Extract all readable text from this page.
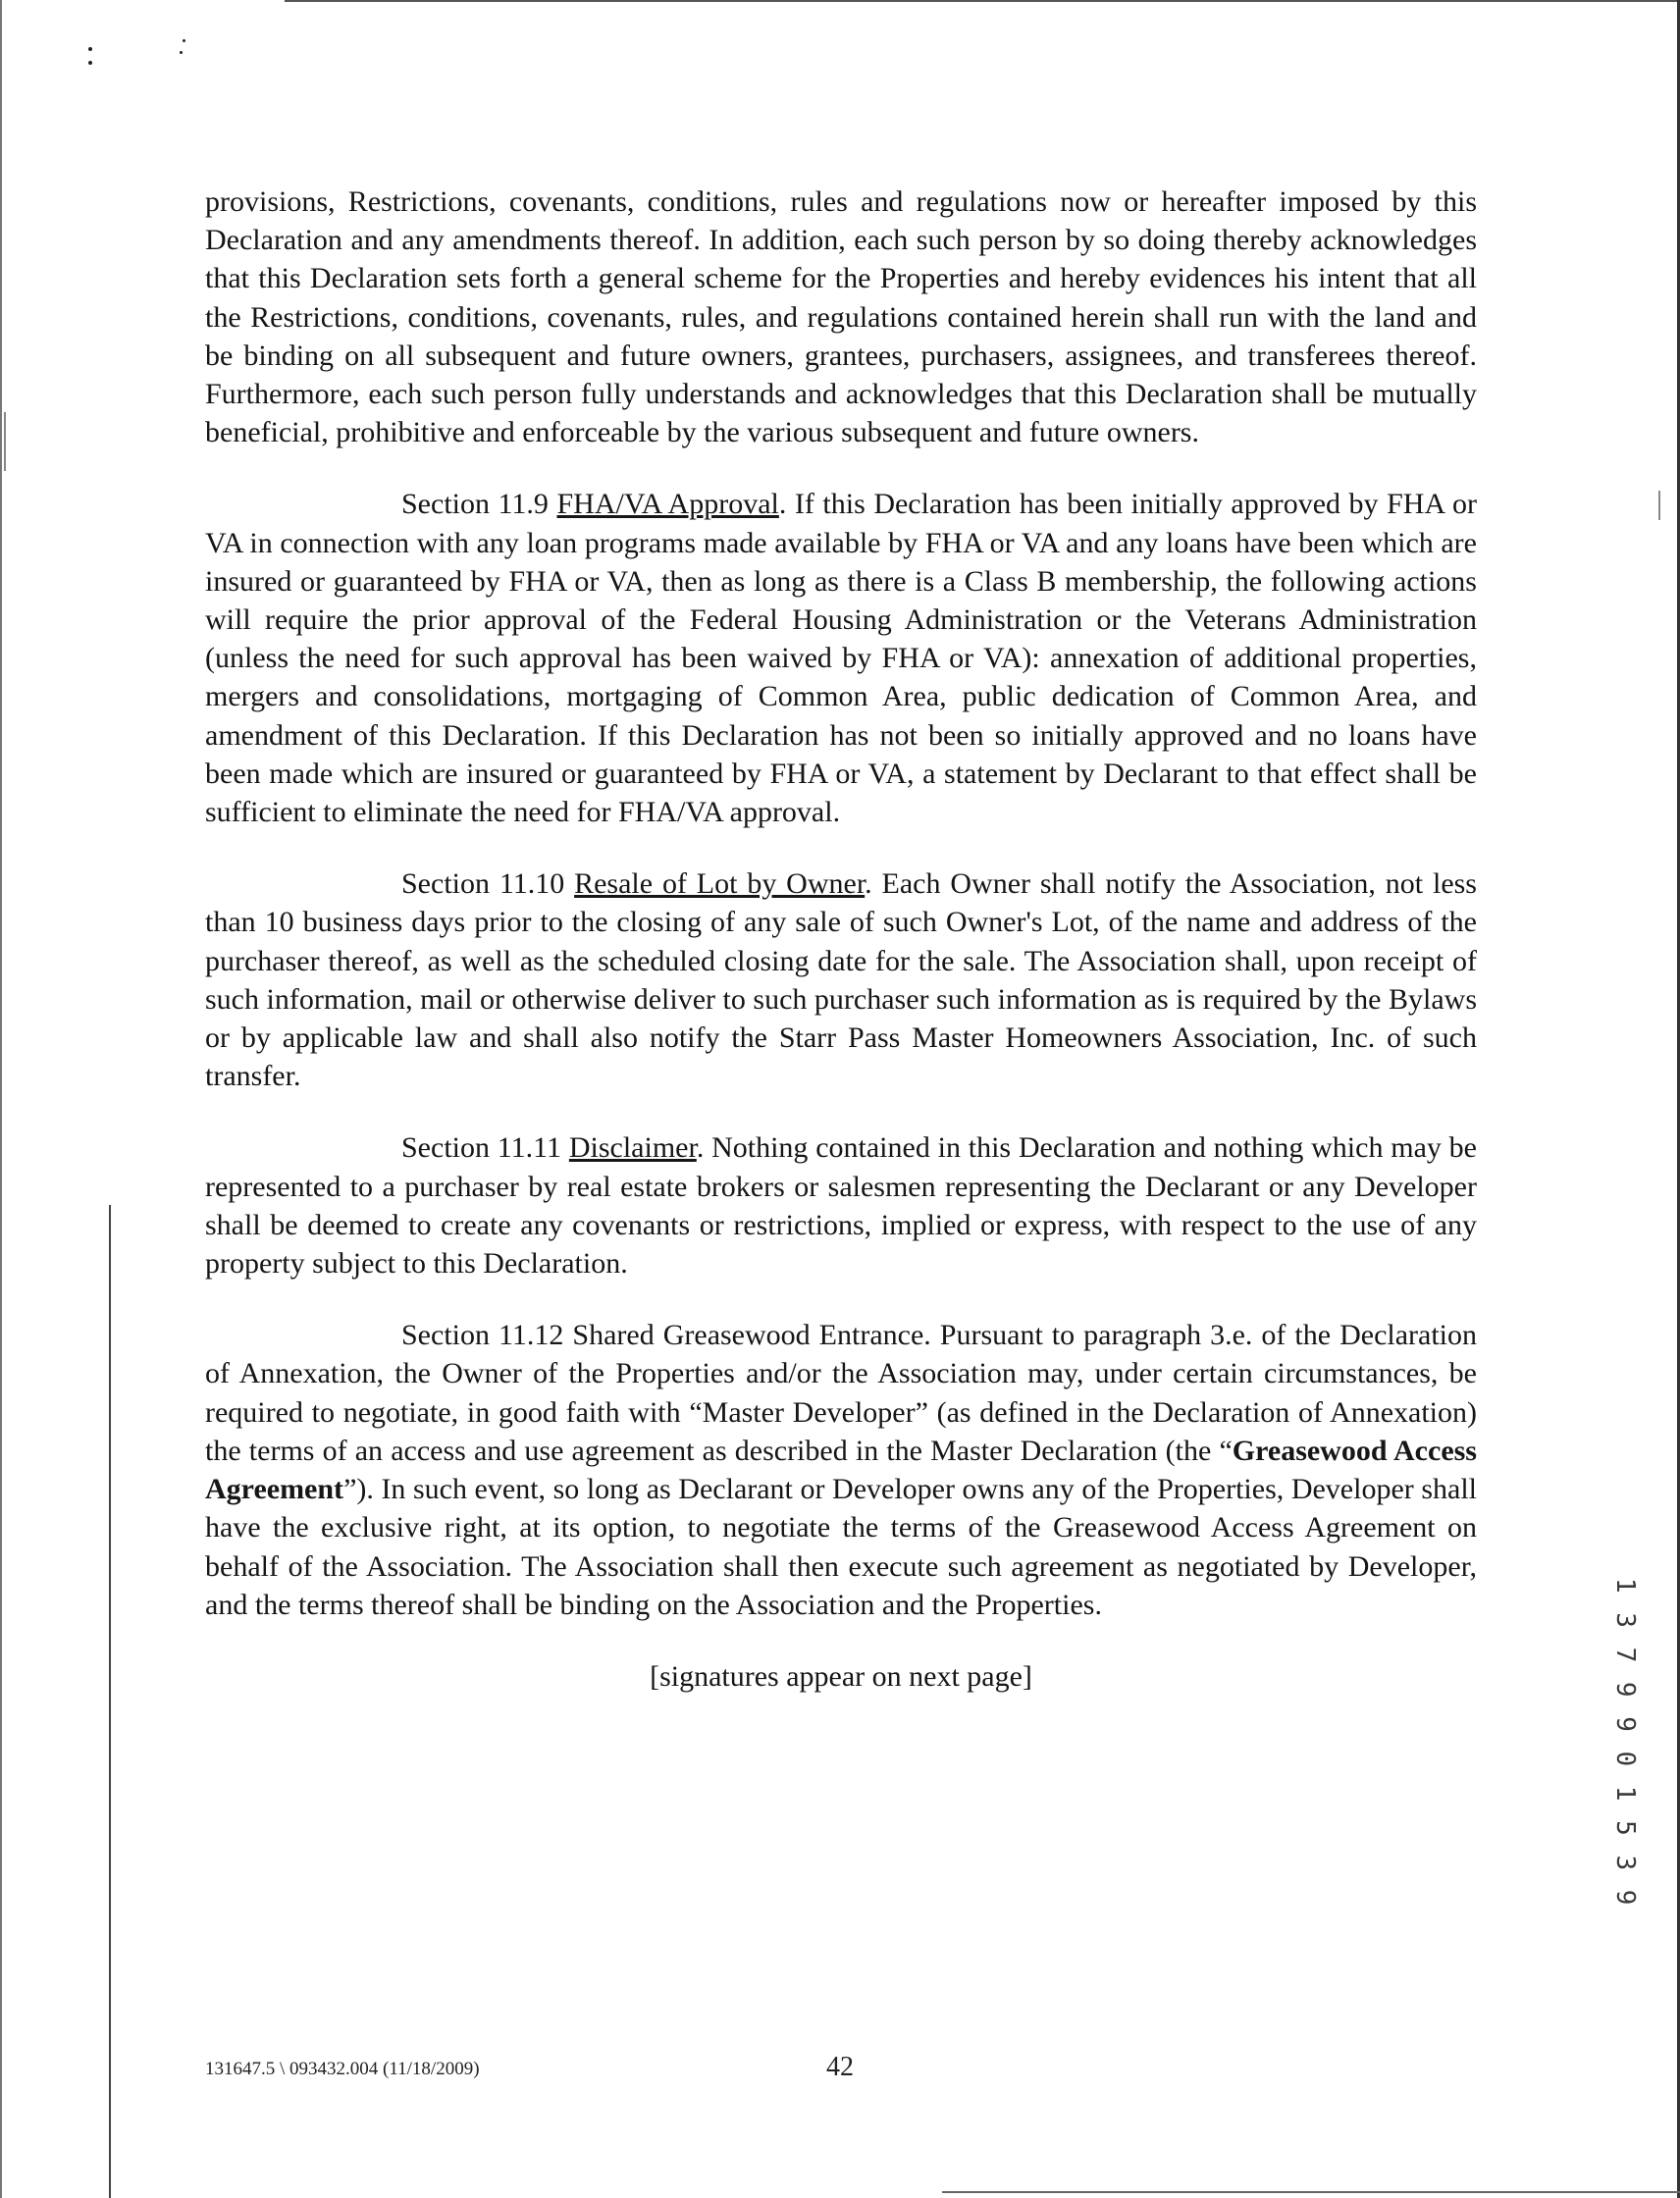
provisions, Restrictions, covenants, conditions, rules and regulations now or hereafter imposed by this Declaration and any amendments thereof. In addition, each such person by so doing thereby acknowledges that this Declaration sets forth a general scheme for the Properties and hereby evidences his intent that all the Restrictions, conditions, covenants, rules, and regulations contained herein shall run with the land and be binding on all subsequent and future owners, grantees, purchasers, assignees, and transferees thereof. Furthermore, each such person fully understands and acknowledges that this Declaration shall be mutually beneficial, prohibitive and enforceable by the various subsequent and future owners.

Section 11.9 FHA/VA Approval. If this Declaration has been initially approved by FHA or VA in connection with any loan programs made available by FHA or VA and any loans have been which are insured or guaranteed by FHA or VA, then as long as there is a Class B membership, the following actions will require the prior approval of the Federal Housing Administration or the Veterans Administration (unless the need for such approval has been waived by FHA or VA): annexation of additional properties, mergers and consolidations, mortgaging of Common Area, public dedication of Common Area, and amendment of this Declaration. If this Declaration has not been so initially approved and no loans have been made which are insured or guaranteed by FHA or VA, a statement by Declarant to that effect shall be sufficient to eliminate the need for FHA/VA approval.

Section 11.10 Resale of Lot by Owner. Each Owner shall notify the Association, not less than 10 business days prior to the closing of any sale of such Owner's Lot, of the name and address of the purchaser thereof, as well as the scheduled closing date for the sale. The Association shall, upon receipt of such information, mail or otherwise deliver to such purchaser such information as is required by the Bylaws or by applicable law and shall also notify the Starr Pass Master Homeowners Association, Inc. of such transfer.

Section 11.11 Disclaimer. Nothing contained in this Declaration and nothing which may be represented to a purchaser by real estate brokers or salesmen representing the Declarant or any Developer shall be deemed to create any covenants or restrictions, implied or express, with respect to the use of any property subject to this Declaration.

Section 11.12 Shared Greasewood Entrance. Pursuant to paragraph 3.e. of the Declaration of Annexation, the Owner of the Properties and/or the Association may, under certain circumstances, be required to negotiate, in good faith with “Master Developer” (as defined in the Declaration of Annexation) the terms of an access and use agreement as described in the Master Declaration (the “Greasewood Access Agreement”). In such event, so long as Declarant or Developer owns any of the Properties, Developer shall have the exclusive right, at its option, to negotiate the terms of the Greasewood Access Agreement on behalf of the Association. The Association shall then execute such agreement as negotiated by Developer, and the terms thereof shall be binding on the Association and the Properties.

[signatures appear on next page]	1 3 7 9 9 0 1 5 3 9
131647.5 \ 093432.004 (11/18/2009)	42
